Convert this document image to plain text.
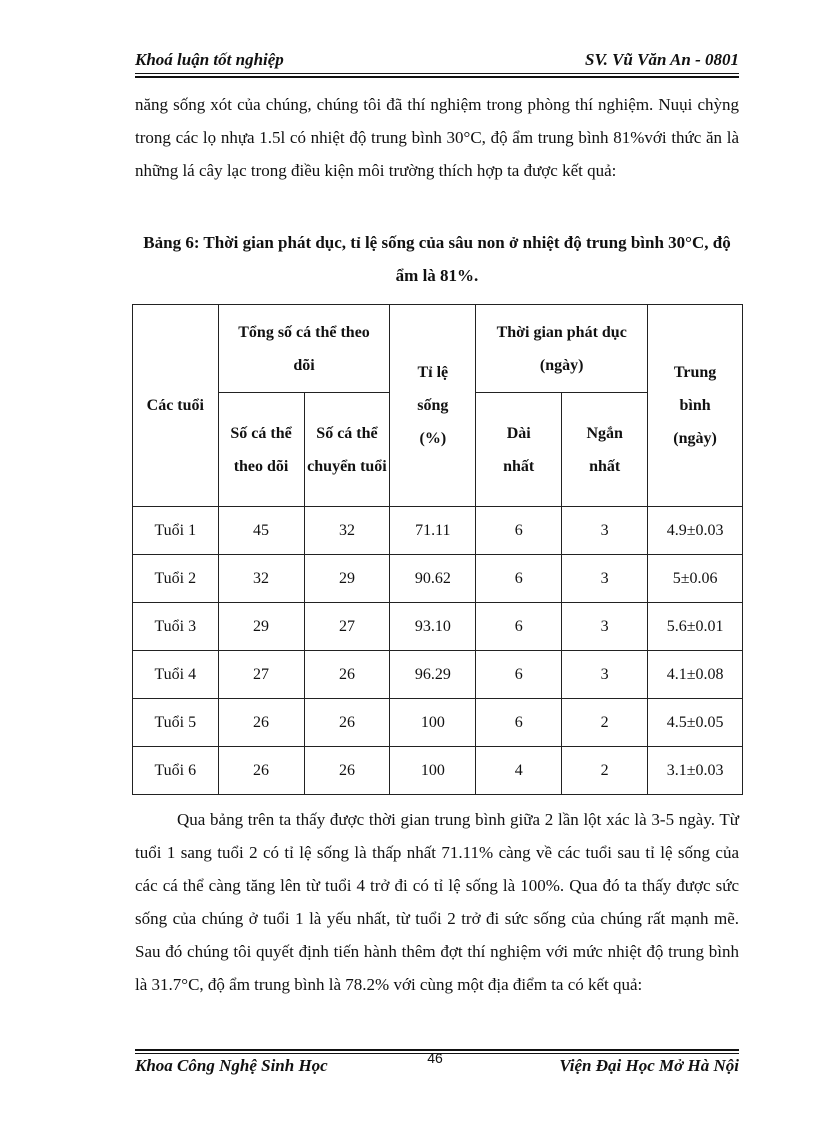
Khoá luận tốt nghiệp	SV. Vũ Văn An - 0801
năng sống xót của chúng, chúng tôi đã thí nghiệm trong phòng thí nghiệm. Nuụi chỳng trong các lọ nhựa 1.5l có nhiệt độ trung bình 30°C, độ ẩm trung bình 81%với thức ăn là những lá cây lạc trong điều kiện môi trường thích hợp ta được kết quả:
Bảng 6: Thời gian phát dục, tỉ lệ sống của sâu non ở nhiệt độ trung bình 30°C, độ ẩm là 81%.
Các tuổi	Tổng số cá thể theo dõi		Tỉ lệ sống (%)	Thời gian phát dục (ngày)		Trung bình (ngày)

	Số cá thể theo dõi	Số cá thể chuyển tuổi		Dài nhất	Ngắn nhất	

Tuổi 1	45	32	71.11	6	3	4.9±0.03
Tuổi 2	32	29	90.62	6	3	5±0.06
Tuổi 3	29	27	93.10	6	3	5.6±0.01
Tuổi 4	27	26	96.29	6	3	4.1±0.08
Tuổi 5	26	26	100	6	2	4.5±0.05
Tuổi 6	26	26	100	4	2	3.1±0.03
Qua bảng trên ta thấy được thời gian trung bình giữa 2 lần lột xác là 3-5 ngày. Từ tuổi 1 sang tuổi 2 có tỉ lệ sống là thấp nhất 71.11% càng về các tuổi sau tỉ lệ sống của các cá thể càng tăng lên từ tuổi 4 trở đi có tỉ lệ sống là 100%. Qua đó ta thấy được sức sống của chúng ở tuổi 1 là yếu nhất, từ tuổi 2 trở đi sức sống của chúng rất mạnh mẽ. Sau đó chúng tôi quyết định tiến hành thêm đợt thí nghiệm với mức nhiệt độ trung bình là 31.7°C, độ ẩm trung bình là 78.2% với cùng một địa điểm ta có kết quả:
Khoa Công Nghệ Sinh Học	46	Viện Đại Học Mở Hà Nội
